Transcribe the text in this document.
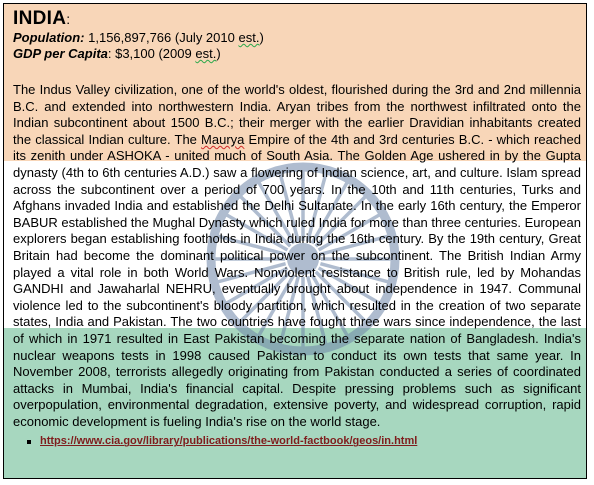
INDIA:
Population: 1,156,897,766 (July 2010 est.)
GDP per Capita: $3,100 (2009 est.)
The Indus Valley civilization, one of the world's oldest, flourished during the 3rd and 2nd millennia B.C. and extended into northwestern India. Aryan tribes from the northwest infiltrated onto the Indian subcontinent about 1500 B.C.; their merger with the earlier Dravidian inhabitants created the classical Indian culture. The Maurya Empire of the 4th and 3rd centuries B.C. - which reached its zenith under ASHOKA - united much of South Asia. The Golden Age ushered in by the Gupta dynasty (4th to 6th centuries A.D.) saw a flowering of Indian science, art, and culture. Islam spread across the subcontinent over a period of 700 years. In the 10th and 11th centuries, Turks and Afghans invaded India and established the Delhi Sultanate. In the early 16th century, the Emperor BABUR established the Mughal Dynasty which ruled India for more than three centuries. European explorers began establishing footholds in India during the 16th century. By the 19th century, Great Britain had become the dominant political power on the subcontinent. The British Indian Army played a vital role in both World Wars. Nonviolent resistance to British rule, led by Mohandas GANDHI and Jawaharlal NEHRU, eventually brought about independence in 1947. Communal violence led to the subcontinent's bloody partition, which resulted in the creation of two separate states, India and Pakistan. The two countries have fought three wars since independence, the last of which in 1971 resulted in East Pakistan becoming the separate nation of Bangladesh. India's nuclear weapons tests in 1998 caused Pakistan to conduct its own tests that same year. In November 2008, terrorists allegedly originating from Pakistan conducted a series of coordinated attacks in Mumbai, India's financial capital. Despite pressing problems such as significant overpopulation, environmental degradation, extensive poverty, and widespread corruption, rapid economic development is fueling India's rise on the world stage.
https://www.cia.gov/library/publications/the-world-factbook/geos/in.html
